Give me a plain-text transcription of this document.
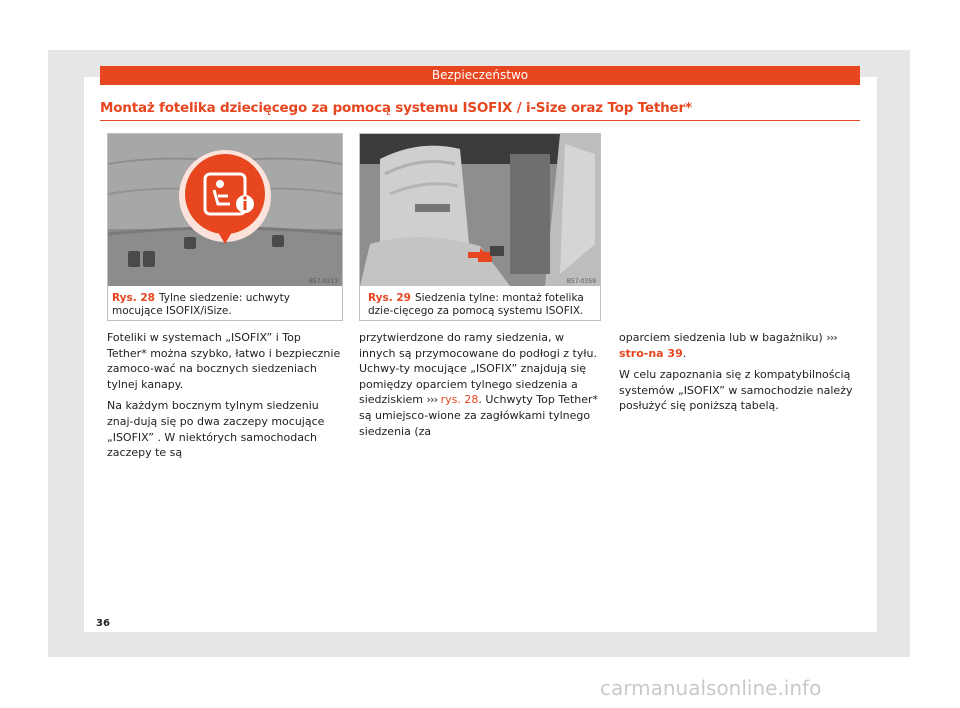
Bezpieczeństwo
Montaż fotelika dziecięcego za pomocą systemu ISOFIX / i-Size oraz Top Tether*
B57-0313
Rys. 28 Tylne siedzenie: uchwyty mocujące ISOFIX/iSize.
B57-0359
Rys. 29 Siedzenia tylne: montaż fotelika dzie-cięcego za pomocą systemu ISOFIX.

Foteliki w systemach „ISOFIX” i Top Tether* można szybko, łatwo i bezpiecznie zamoco-wać na bocznych siedzeniach tylnej kanapy.

Na każdym bocznym tylnym siedzeniu znaj-dują się po dwa zaczepy mocujące „ISOFIX” . W niektórych samochodach zaczepy te są

przytwierdzone do ramy siedzenia, w innych są przymocowane do podłogi z tyłu. Uchwy-ty mocujące „ISOFIX” znajdują się pomiędzy oparciem tylnego siedzenia a siedziskiem ››› rys. 28. Uchwyty Top Tether* są umiejsco-wione za zagłówkami tylnego siedzenia (za

oparciem siedzenia lub w bagażniku) ››› stro-na 39.

W celu zapoznania się z kompatybilnością systemów „ISOFIX” w samochodzie należy posłużyć się poniższą tabelą.

36
carmanualsonline.info
